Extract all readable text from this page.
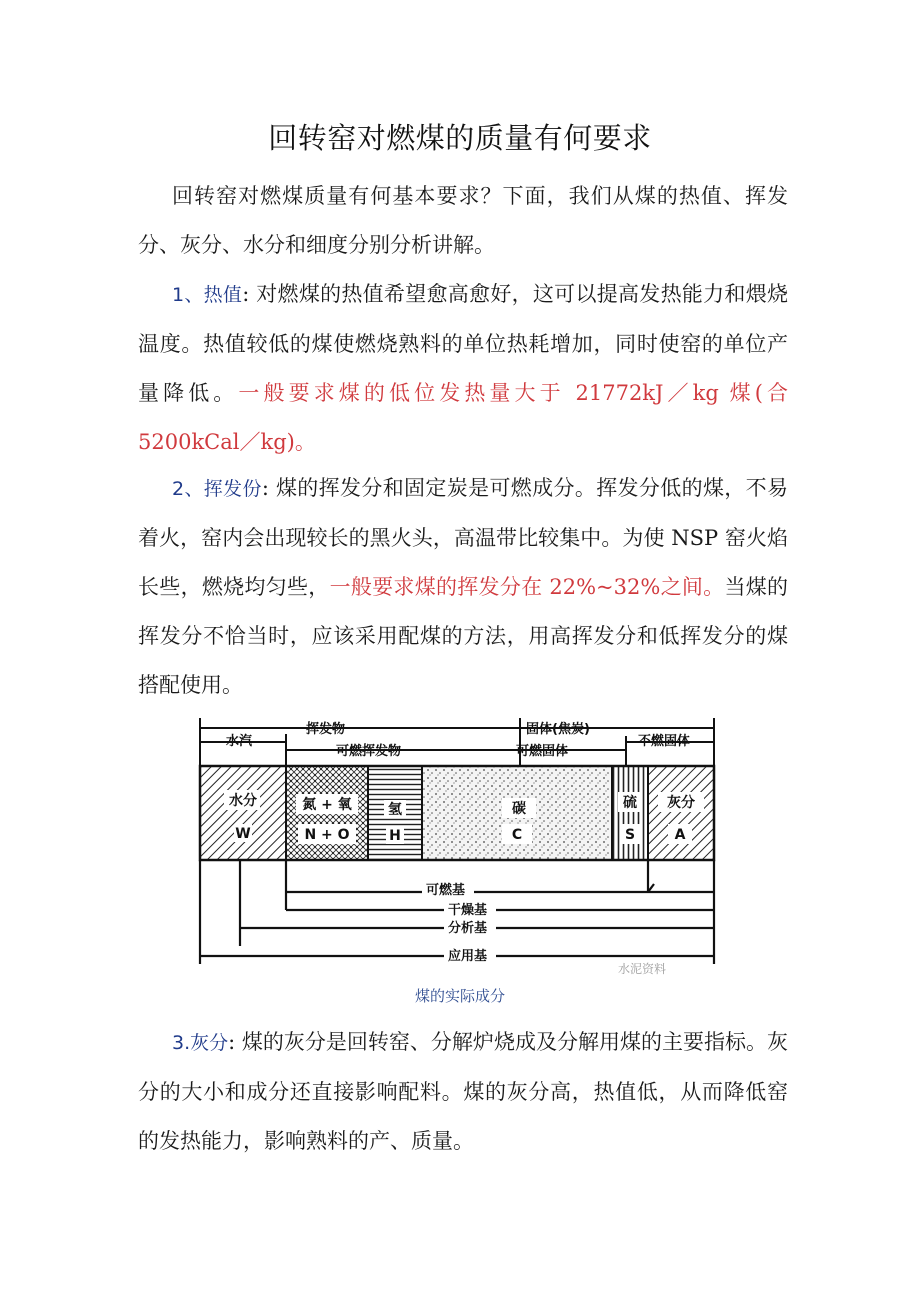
回转窑对燃煤的质量有何要求
回转窑对燃煤质量有何基本要求？下面，我们从煤的热值、挥发分、灰分、水分和细度分别分析讲解。
1、热值: 对燃煤的热值希望愈高愈好，这可以提高发热能力和煨烧温度。热值较低的煤使燃烧熟料的单位热耗增加，同时使窑的单位产量降低。一般要求煤的低位发热量大于 21772kJ／kg 煤(合5200kCal／kg)。
2、挥发份: 煤的挥发分和固定炭是可燃成分。挥发分低的煤，不易着火，窑内会出现较长的黑火头，高温带比较集中。为使 NSP 窑火焰长些，燃烧均匀些，一般要求煤的挥发分在 22%~32%之间。当煤的挥发分不恰当时，应该采用配煤的方法，用高挥发分和低挥发分的煤搭配使用。
挥发物	固体(焦炭)
水汽
可燃挥发物	可燃固体
不燃固体
水分
W
氮 + 氧
N + O
氢
H
碳
C
硫
S
灰分
A
可燃基
干燥基
分析基
应用基
水泥资料
煤的实际成分
3.灰分: 煤的灰分是回转窑、分解炉烧成及分解用煤的主要指标。灰分的大小和成分还直接影响配料。煤的灰分高，热值低，从而降低窑的发热能力，影响熟料的产、质量。
